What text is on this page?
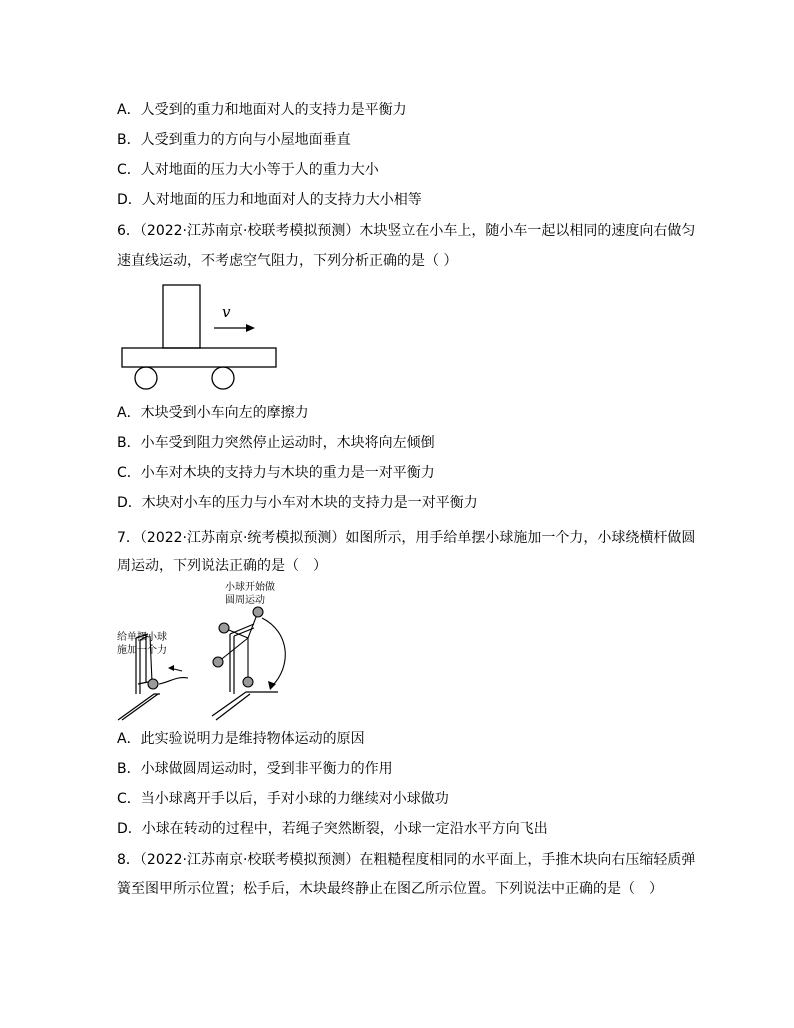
A．人受到的重力和地面对人的支持力是平衡力
B．人受到重力的方向与小屋地面垂直
C．人对地面的压力大小等于人的重力大小
D．人对地面的压力和地面对人的支持力大小相等
6．（2022·江苏南京·校联考模拟预测）木块竖立在小车上，随小车一起以相同的速度向右做匀
速直线运动，不考虑空气阻力，下列分析正确的是（ ）
v
A．木块受到小车向左的摩擦力
B．小车受到阻力突然停止运动时，木块将向左倾倒
C．小车对木块的支持力与木块的重力是一对平衡力
D．木块对小车的压力与小车对木块的支持力是一对平衡力
7．（2022·江苏南京·统考模拟预测）如图所示，用手给单摆小球施加一个力，小球绕横杆做圆
周运动，下列说法正确的是（　）
给单摆小球
施加一个力
小球开始做
圆周运动
A．此实验说明力是维持物体运动的原因
B．小球做圆周运动时，受到非平衡力的作用
C．当小球离开手以后，手对小球的力继续对小球做功
D．小球在转动的过程中，若绳子突然断裂，小球一定沿水平方向飞出
8．（2022·江苏南京·校联考模拟预测）在粗糙程度相同的水平面上，手推木块向右压缩轻质弹
簧至图甲所示位置；松手后，木块最终静止在图乙所示位置。下列说法中正确的是（　）
